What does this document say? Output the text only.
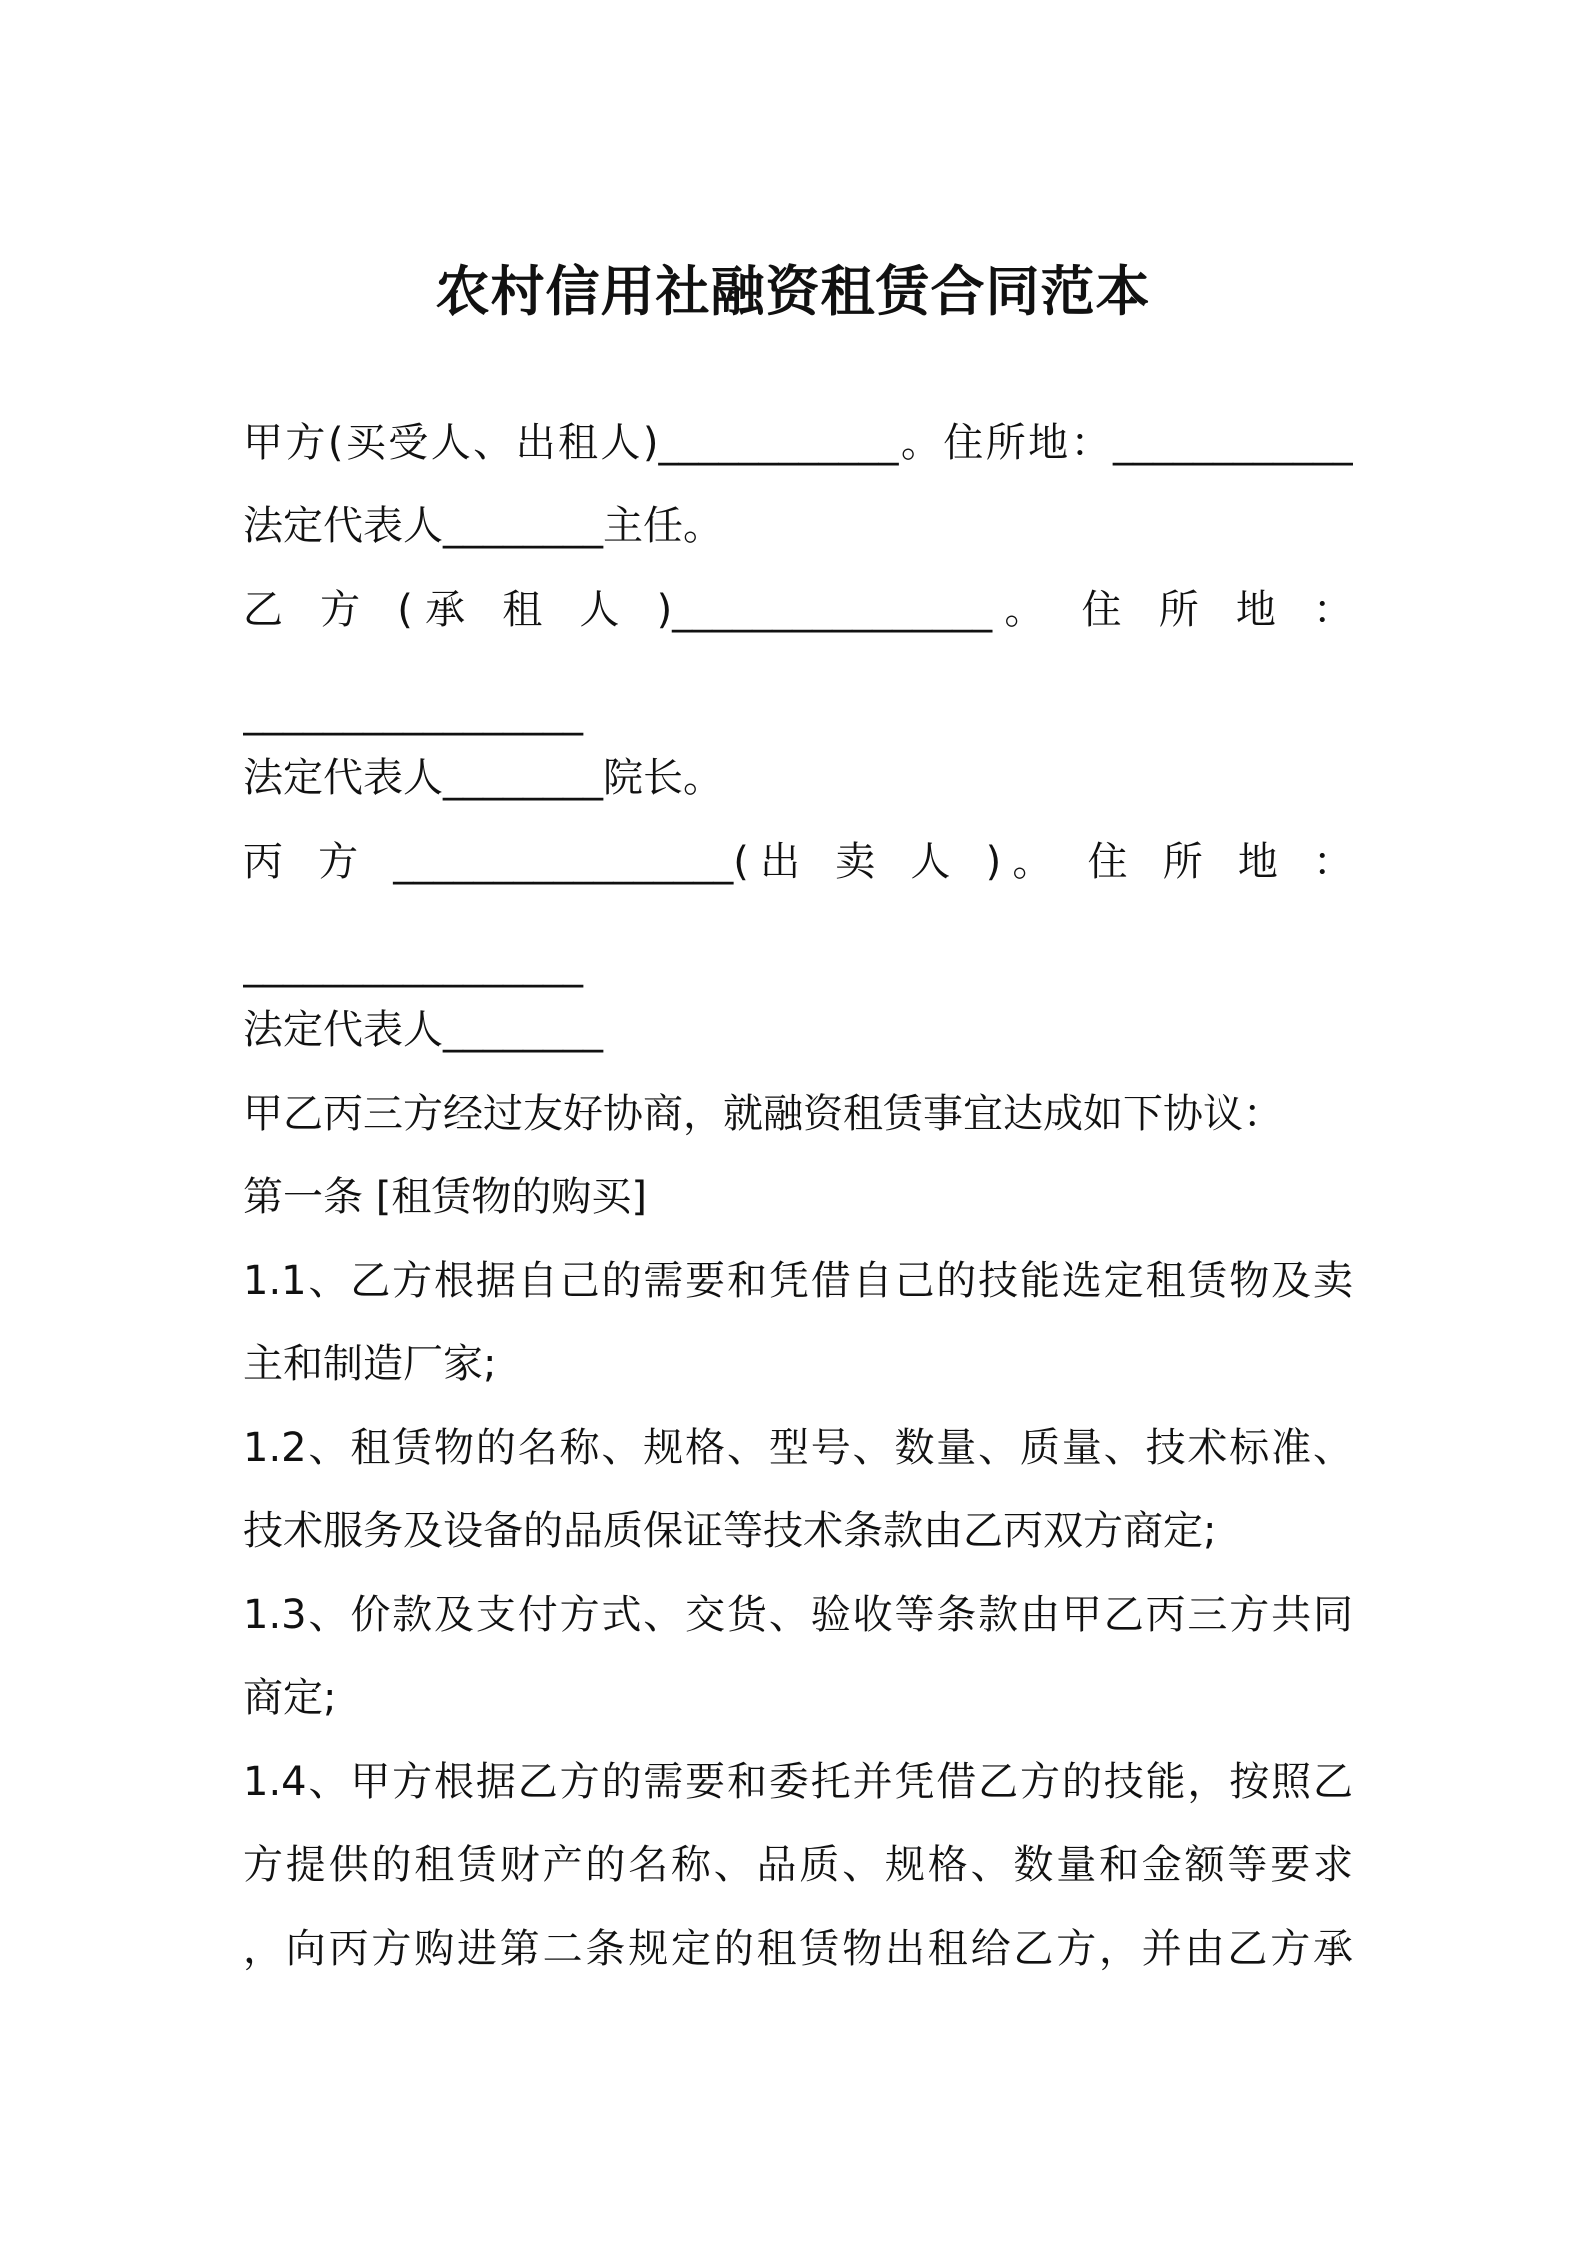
农村信用社融资租赁合同范本
甲方(买受人、出租人)____________。住所地：____________
法定代表人________主任。
乙 方 (承 租 人 )________________。 住 所 地 ：
_________________
法定代表人________院长。
丙 方 _________________(出 卖 人 )。 住 所 地 ：
_________________
法定代表人________
甲乙丙三方经过友好协商，就融资租赁事宜达成如下协议：
第一条 [租赁物的购买]
1.1、乙方根据自己的需要和凭借自己的技能选定租赁物及卖
主和制造厂家;
1.2、租赁物的名称、规格、型号、数量、质量、技术标准、
技术服务及设备的品质保证等技术条款由乙丙双方商定;
1.3、价款及支付方式、交货、验收等条款由甲乙丙三方共同
商定;
1.4、甲方根据乙方的需要和委托并凭借乙方的技能，按照乙
方提供的租赁财产的名称、品质、规格、数量和金额等要求
，向丙方购进第二条规定的租赁物出租给乙方，并由乙方承
